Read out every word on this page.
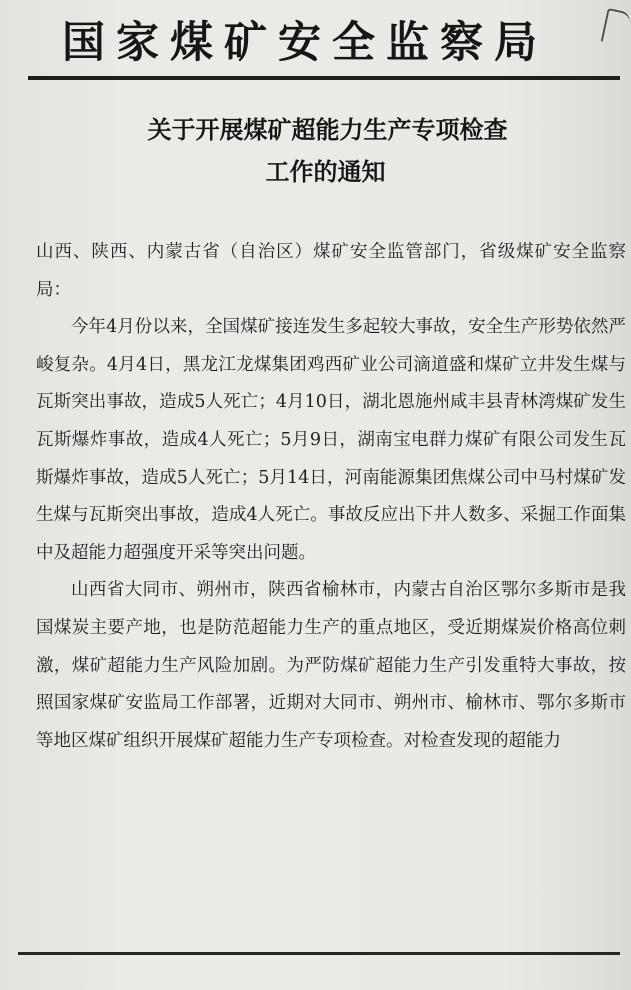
国家煤矿安全监察局
关于开展煤矿超能力生产专项检查
工作的通知

山西、陕西、内蒙古省（自治区）煤矿安全监管部门，省级煤矿安全监察局：

今年4月份以来，全国煤矿接连发生多起较大事故，安全生产形势依然严峻复杂。4月4日，黑龙江龙煤集团鸡西矿业公司滴道盛和煤矿立井发生煤与瓦斯突出事故，造成5人死亡；4月10日，湖北恩施州咸丰县青林湾煤矿发生瓦斯爆炸事故，造成4人死亡；5月9日，湖南宝电群力煤矿有限公司发生瓦斯爆炸事故，造成5人死亡；5月14日，河南能源集团焦煤公司中马村煤矿发生煤与瓦斯突出事故，造成4人死亡。事故反应出下井人数多、采掘工作面集中及超能力超强度开采等突出问题。

山西省大同市、朔州市，陕西省榆林市，内蒙古自治区鄂尔多斯市是我国煤炭主要产地，也是防范超能力生产的重点地区，受近期煤炭价格高位刺激，煤矿超能力生产风险加剧。为严防煤矿超能力生产引发重特大事故，按照国家煤矿安监局工作部署，近期对大同市、朔州市、榆林市、鄂尔多斯市等地区煤矿组织开展煤矿超能力生产专项检查。对检查发现的超能力
